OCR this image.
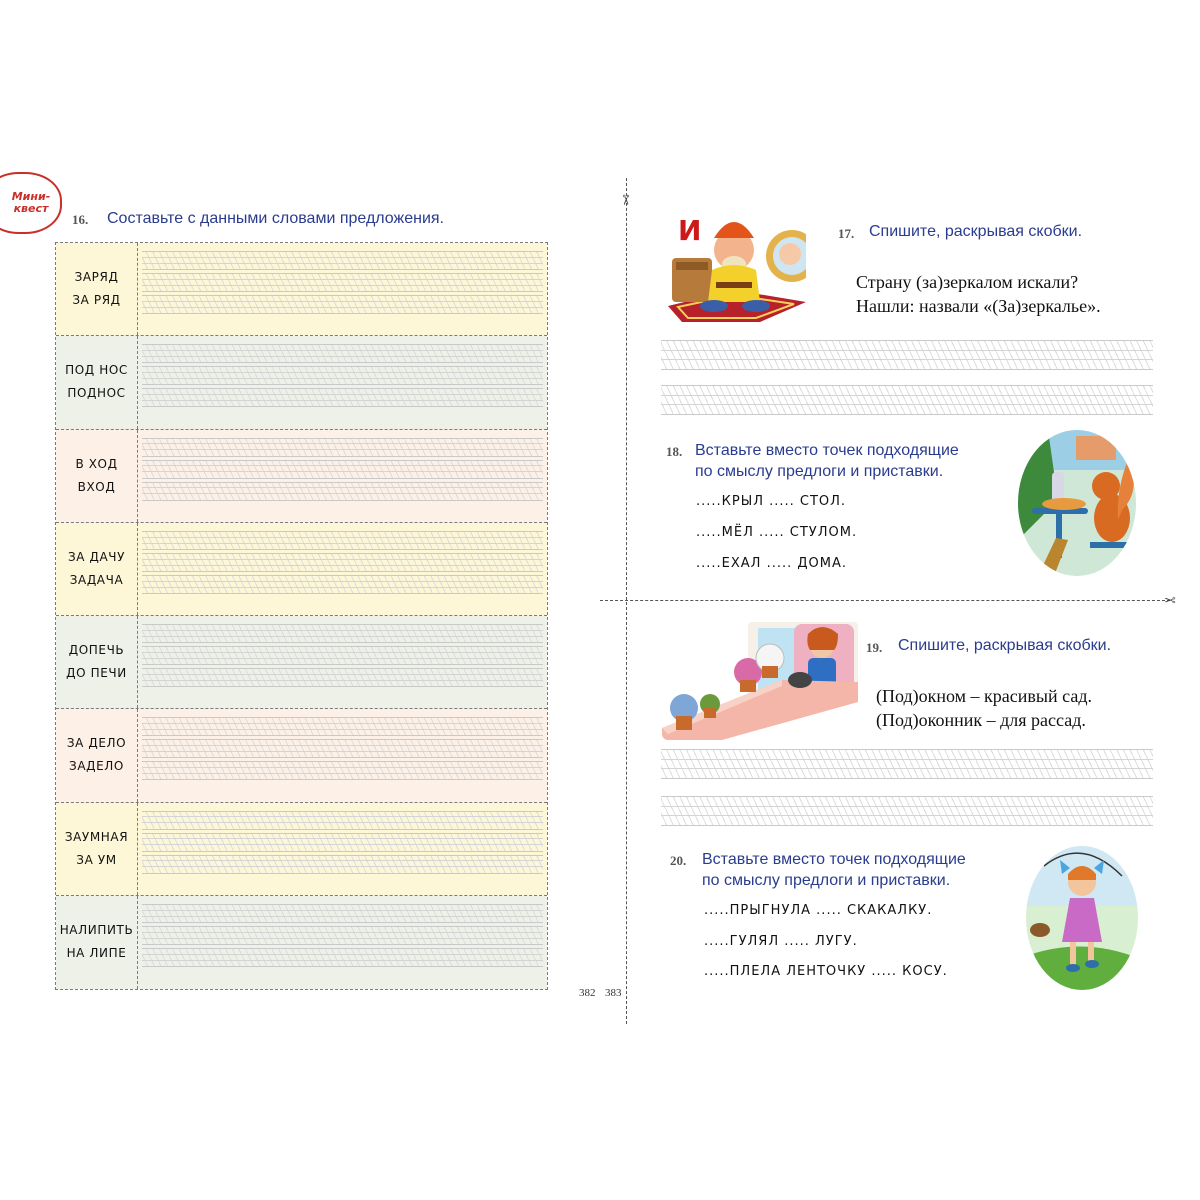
Мини-
квест
16. Составьте с данными словами предложения.
ЗАРЯД
ЗА РЯД
ПОД НОС
ПОДНОС
В ХОД
ВХОД
ЗА ДАЧУ
ЗАДАЧА
ДОПЕЧЬ
ДО ПЕЧИ
ЗА ДЕЛО
ЗАДЕЛО
ЗАУМНАЯ
ЗА УМ
НАЛИПИТЬ
НА ЛИПЕ
✂
✂
382 383
И	17. Спишите, раскрывая скобки.
Страну (за)зеркалом искали?
Нашли: назвали «(За)зеркалье».
18. Вставьте вместо точек подходящие
по смыслу предлоги и приставки.
.....КРЫЛ ..... СТОЛ.
.....МЁЛ ..... СТУЛОМ.
.....ЕХАЛ ..... ДОМА.
19. Спишите, раскрывая скобки.
(Под)окном – красивый сад.
(Под)оконник – для рассад.
20. Вставьте вместо точек подходящие
по смыслу предлоги и приставки.
.....ПРЫГНУЛА ..... СКАКАЛКУ.
.....ГУЛЯЛ ..... ЛУГУ.
.....ПЛЕЛА ЛЕНТОЧКУ ..... КОСУ.
